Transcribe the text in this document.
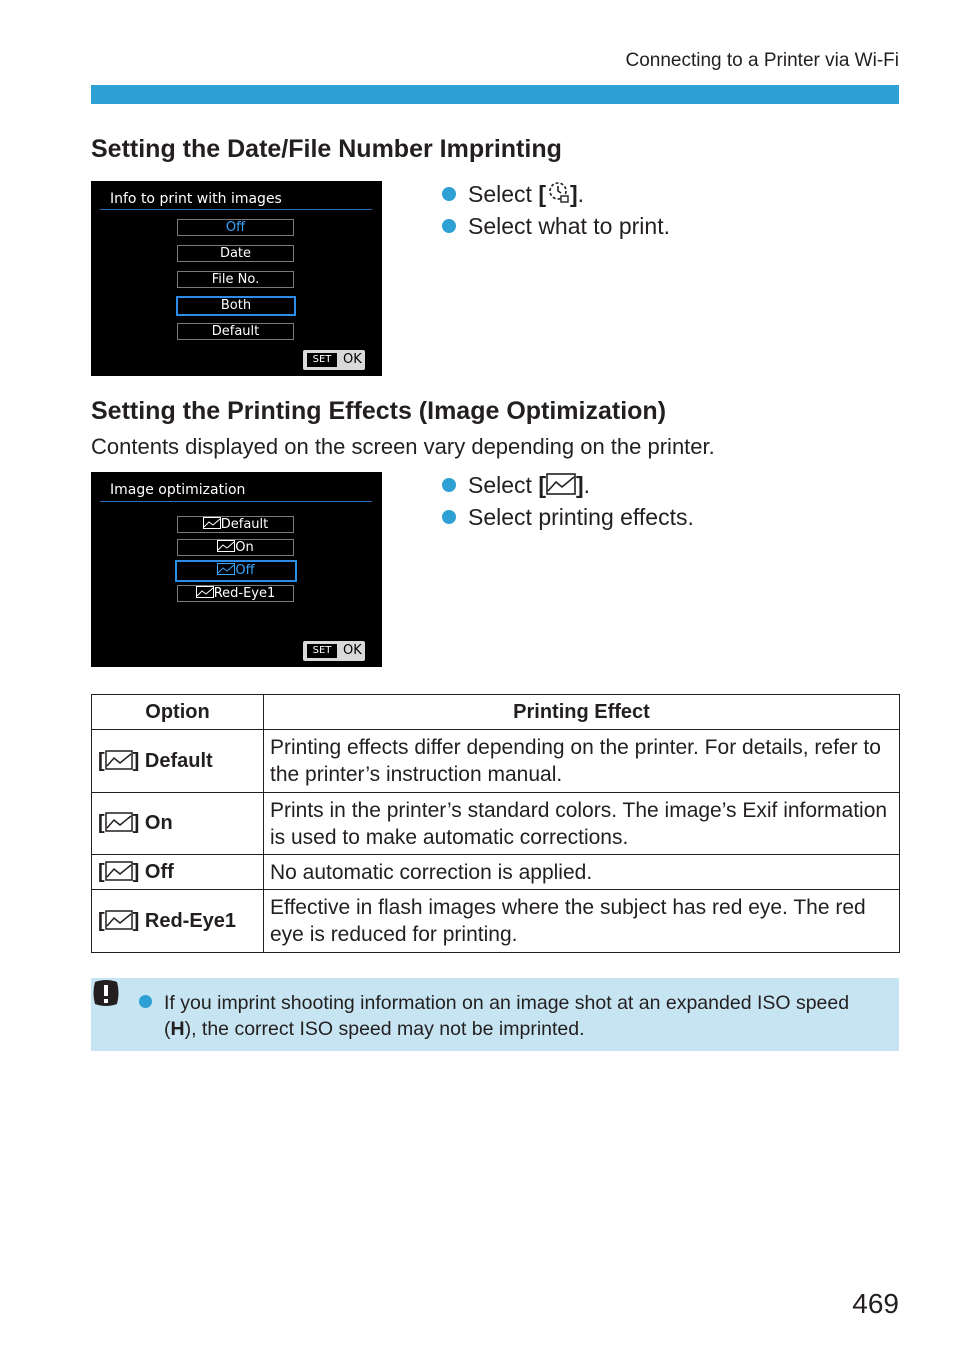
Connecting to a Printer via Wi-Fi
Setting the Date/File Number Imprinting
Info to print with images
Off
Date
File No.
Both
Default
SET OK
Select [ ].
Select what to print.
Setting the Printing Effects (Image Optimization)
Contents displayed on the screen vary depending on the printer.
Image optimization
Default
On
Off
Red-Eye1
SET OK
Select [ ].
Select printing effects.
Option	Printing Effect
[ ] Default	Printing effects differ depending on the printer. For details, refer to the printer’s instruction manual.
[ ] On	Prints in the printer’s standard colors. The image’s Exif information is used to make automatic corrections.
[ ] Off	No automatic correction is applied.
[ ] Red-Eye1	Effective in flash images where the subject has red eye. The red eye is reduced for printing.
If you imprint shooting information on an image shot at an expanded ISO speed (H), the correct ISO speed may not be imprinted.
469
